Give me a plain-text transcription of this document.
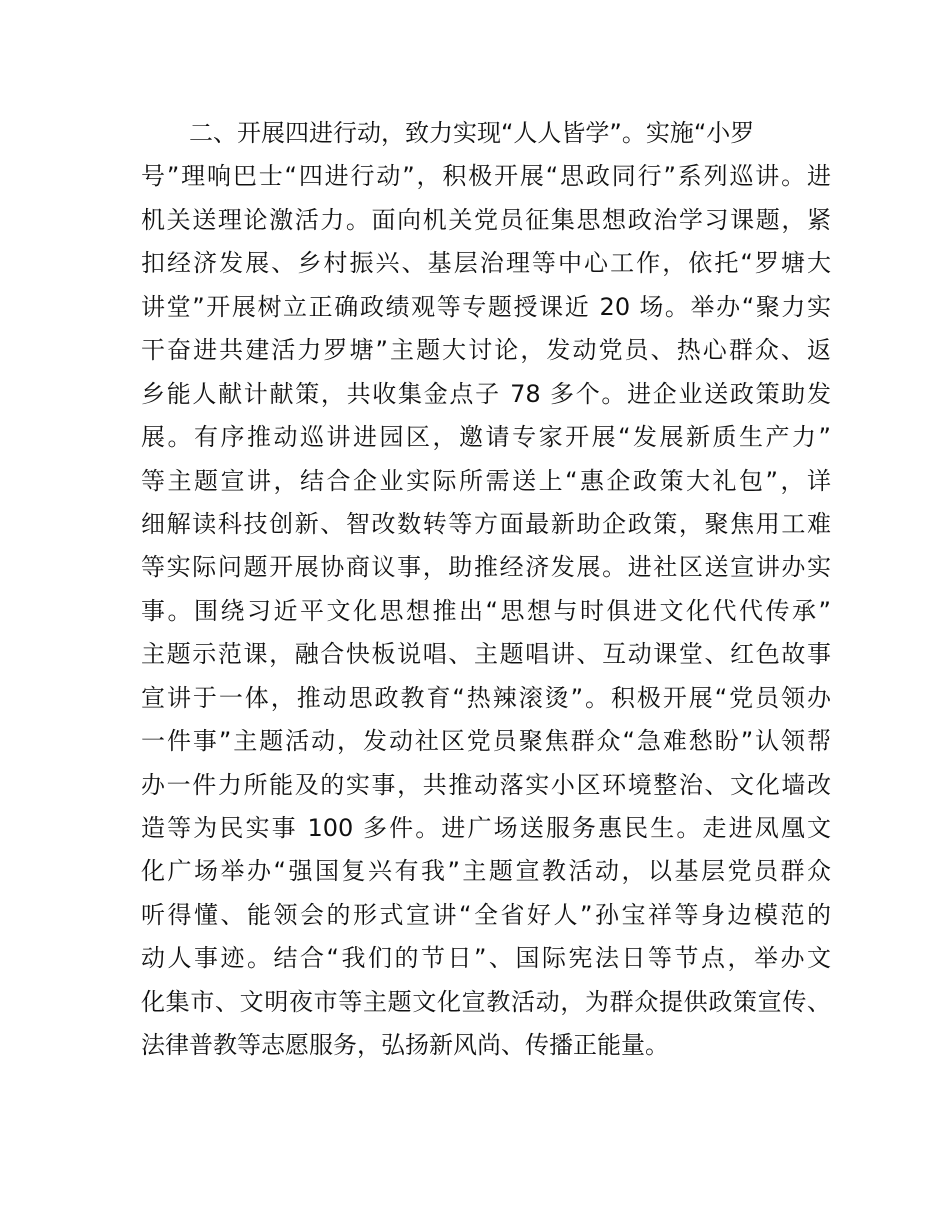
二、开展四进行动，致力实现“人人皆学”。实施“小罗
号”理响巴士“四进行动”，积极开展“思政同行”系列巡讲。进
机关送理论激活力。面向机关党员征集思想政治学习课题，紧
扣经济发展、乡村振兴、基层治理等中心工作，依托“罗塘大
讲堂”开展树立正确政绩观等专题授课近 20 场。举办“聚力实
干奋进共建活力罗塘”主题大讨论，发动党员、热心群众、返
乡能人献计献策，共收集金点子 78 多个。进企业送政策助发
展。有序推动巡讲进园区，邀请专家开展“发展新质生产力”
等主题宣讲，结合企业实际所需送上“惠企政策大礼包”，详
细解读科技创新、智改数转等方面最新助企政策，聚焦用工难
等实际问题开展协商议事，助推经济发展。进社区送宣讲办实
事。围绕习近平文化思想推出“思想与时俱进文化代代传承”
主题示范课，融合快板说唱、主题唱讲、互动课堂、红色故事
宣讲于一体，推动思政教育“热辣滚烫”。积极开展“党员领办
一件事”主题活动，发动社区党员聚焦群众“急难愁盼”认领帮
办一件力所能及的实事，共推动落实小区环境整治、文化墙改
造等为民实事 100 多件。进广场送服务惠民生。走进凤凰文
化广场举办“强国复兴有我”主题宣教活动，以基层党员群众
听得懂、能领会的形式宣讲“全省好人”孙宝祥等身边模范的
动人事迹。结合“我们的节日”、国际宪法日等节点，举办文
化集市、文明夜市等主题文化宣教活动，为群众提供政策宣传、
法律普教等志愿服务，弘扬新风尚、传播正能量。
